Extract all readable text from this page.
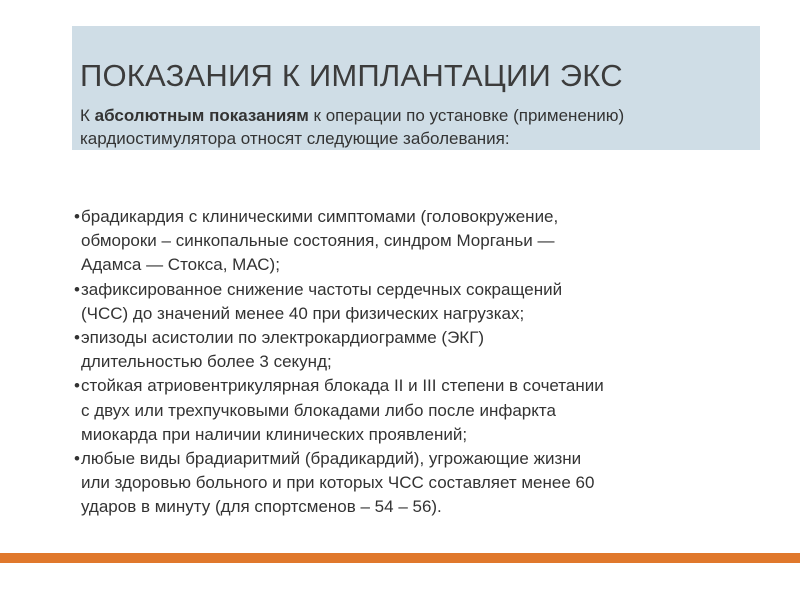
ПОКАЗАНИЯ К ИМПЛАНТАЦИИ ЭКС
К абсолютным показаниям к операции по установке (применению) кардиостимулятора относят следующие заболевания:
• брадикардия с клиническими симптомами (головокружение,
обмороки – синкопальные состояния, синдром Морганьи —
Адамса — Стокса, МАС);
• зафиксированное снижение частоты сердечных сокращений
(ЧСС) до значений менее 40 при физических нагрузках;
• эпизоды асистолии по электрокардиограмме (ЭКГ)
длительностью более 3 секунд;
• стойкая атриовентрикулярная блокада II и III степени в сочетании
с двух или трехпучковыми блокадами либо после инфаркта
миокарда при наличии клинических проявлений;
• любые виды брадиаритмий (брадикардий), угрожающие жизни
или здоровью больного и при которых ЧСС составляет менее 60
ударов в минуту (для спортсменов – 54 – 56).
